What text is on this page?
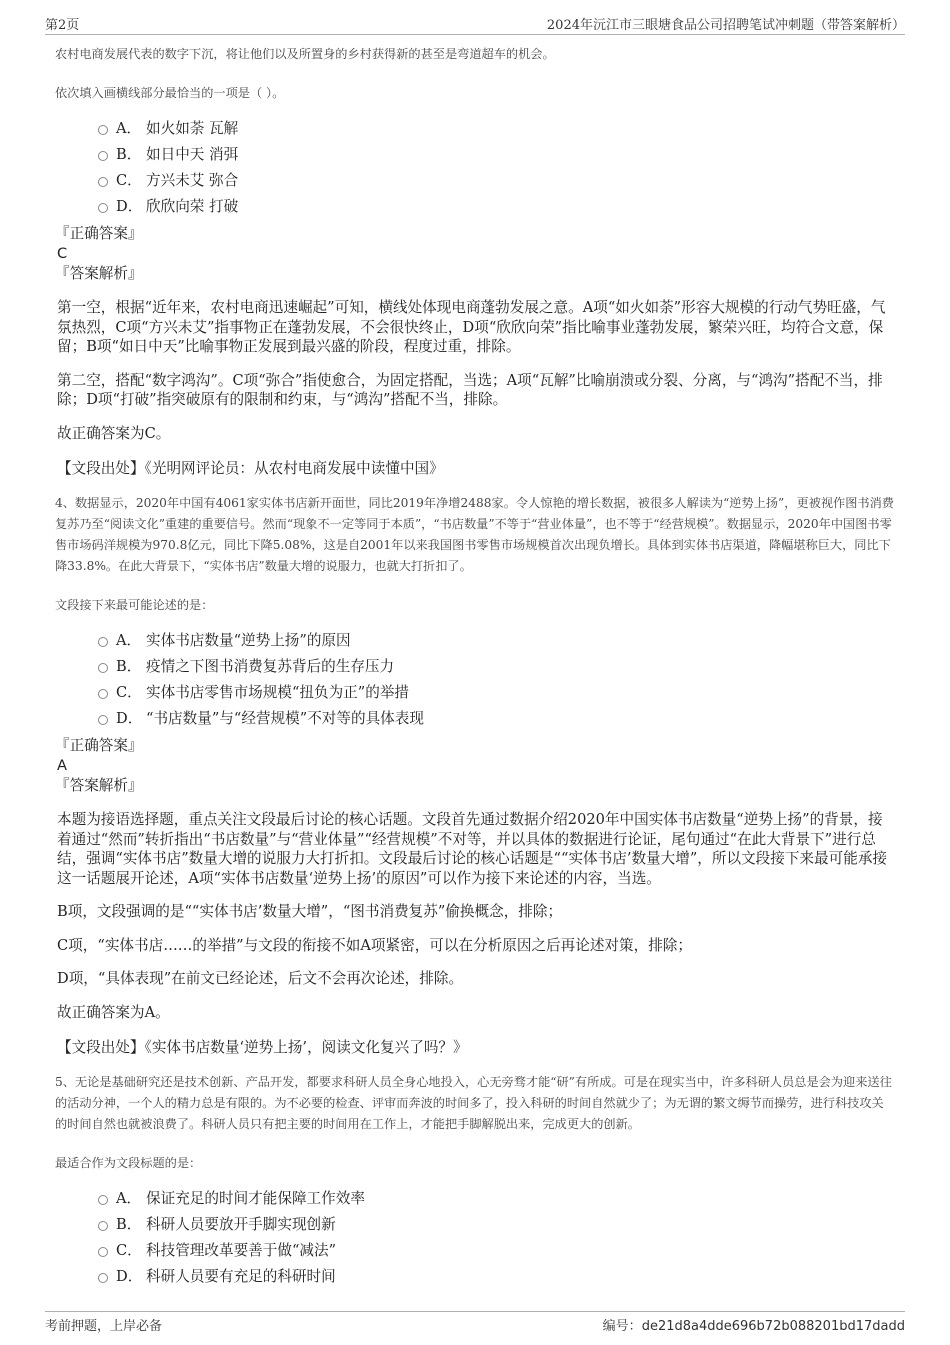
第2页	2024年沅江市三眼塘食品公司招聘笔试冲刺题（带答案解析）
农村电商发展代表的数字下沉，将让他们以及所置身的乡村获得新的甚至是弯道超车的机会。
依次填入画横线部分最恰当的一项是（ ）。
A． 如火如荼 瓦解
B． 如日中天 消弭
C． 方兴未艾 弥合
D． 欣欣向荣 打破
『正确答案』
C
『答案解析』
第一空，根据“近年来，农村电商迅速崛起”可知，横线处体现电商蓬勃发展之意。A项“如火如荼”形容大规模的行动气势旺盛，气氛热烈，C项“方兴未艾”指事物正在蓬勃发展，不会很快终止，D项“欣欣向荣”指比喻事业蓬勃发展，繁荣兴旺，均符合文意，保留；B项“如日中天”比喻事物正发展到最兴盛的阶段，程度过重，排除。
第二空，搭配“数字鸿沟”。C项“弥合”指使愈合，为固定搭配，当选；A项“瓦解”比喻崩溃或分裂、分离，与“鸿沟”搭配不当，排除；D项“打破”指突破原有的限制和约束，与“鸿沟”搭配不当，排除。
故正确答案为C。
【文段出处】《光明网评论员：从农村电商发展中读懂中国》
4、数据显示，2020年中国有4061家实体书店新开面世，同比2019年净增2488家。令人惊艳的增长数据，被很多人解读为“逆势上扬”，更被视作图书消费复苏乃至“阅读文化”重建的重要信号。然而“现象不一定等同于本质”，“书店数量”不等于“营业体量”，也不等于“经营规模”。数据显示，2020年中国图书零售市场码洋规模为970.8亿元，同比下降5.08%，这是自2001年以来我国图书零售市场规模首次出现负增长。具体到实体书店渠道，降幅堪称巨大，同比下降33.8%。在此大背景下，“实体书店”数量大增的说服力，也就大打折扣了。
文段接下来最可能论述的是：
A． 实体书店数量“逆势上扬”的原因
B． 疫情之下图书消费复苏背后的生存压力
C． 实体书店零售市场规模“扭负为正”的举措
D． “书店数量”与“经营规模”不对等的具体表现
『正确答案』
A
『答案解析』
本题为接语选择题，重点关注文段最后讨论的核心话题。文段首先通过数据介绍2020年中国实体书店数量“逆势上扬”的背景，接着通过“然而”转折指出“书店数量”与“营业体量”“经营规模”不对等，并以具体的数据进行论证，尾句通过“在此大背景下”进行总结，强调“实体书店”数量大增的说服力大打折扣。文段最后讨论的核心话题是““实体书店’数量大增”，所以文段接下来最可能承接这一话题展开论述，A项“实体书店数量‘逆势上扬’的原因”可以作为接下来论述的内容，当选。
B项，文段强调的是““实体书店’数量大增”，“图书消费复苏”偷换概念，排除；
C项，“实体书店……的举措”与文段的衔接不如A项紧密，可以在分析原因之后再论述对策，排除；
D项，“具体表现”在前文已经论述，后文不会再次论述，排除。
故正确答案为A。
【文段出处】《实体书店数量‘逆势上扬’，阅读文化复兴了吗？》
5、无论是基础研究还是技术创新、产品开发，都要求科研人员全身心地投入，心无旁骛才能“研”有所成。可是在现实当中，许多科研人员总是会为迎来送往的活动分神，一个人的精力总是有限的。为不必要的检查、评审而奔波的时间多了，投入科研的时间自然就少了；为无谓的繁文缛节而操劳，进行科技攻关的时间自然也就被浪费了。科研人员只有把主要的时间用在工作上，才能把手脚解脱出来，完成更大的创新。
最适合作为文段标题的是：
A． 保证充足的时间才能保障工作效率
B． 科研人员要放开手脚实现创新
C． 科技管理改革要善于做“减法”
D． 科研人员要有充足的科研时间
考前押题，上岸必备	编号：de21d8a4dde696b72b088201bd17dadd
